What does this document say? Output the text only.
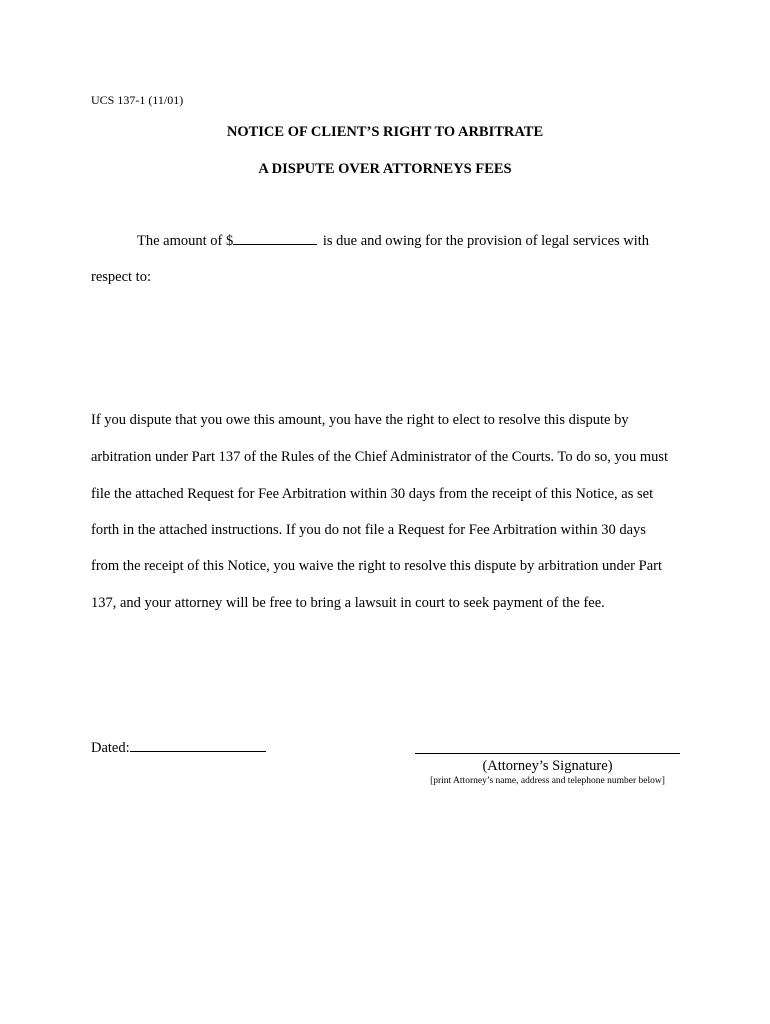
UCS 137-1 (11/01)
NOTICE OF CLIENT’S RIGHT TO ARBITRATE
A DISPUTE OVER ATTORNEYS FEES
The amount of $	is due and owing for the provision of legal services with
respect to:
If you dispute that you owe this amount, you have the right to elect to resolve this dispute by
arbitration under Part 137 of the Rules of the Chief Administrator of the Courts. To do so, you must
file the attached Request for Fee Arbitration within 30 days from the receipt of this Notice, as set
forth in the attached instructions. If you do not file a Request for Fee Arbitration within 30 days
from the receipt of this Notice, you waive the right to resolve this dispute by arbitration under Part
137, and your attorney will be free to bring a lawsuit in court to seek payment of the fee.
Dated:
(Attorney’s Signature)
[print Attorney’s name, address and telephone number below]
